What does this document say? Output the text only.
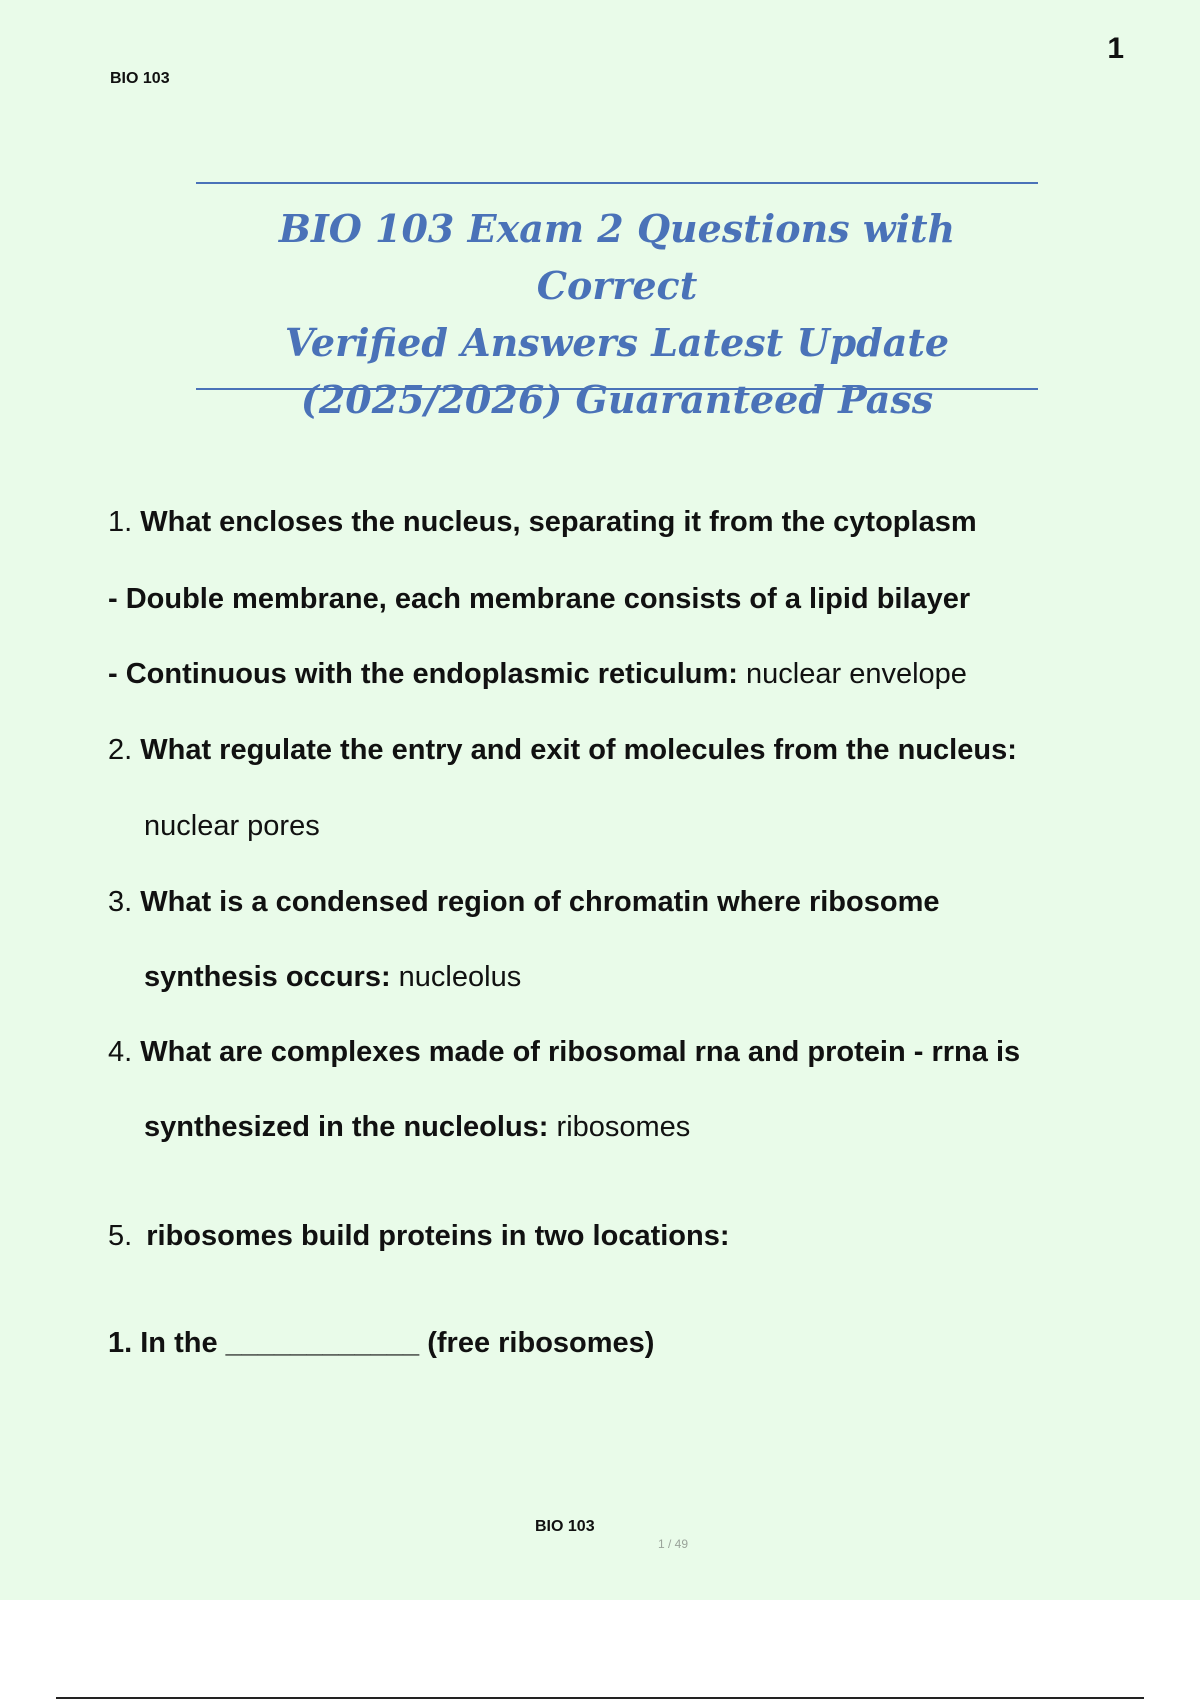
BIO 103
1
BIO 103 Exam 2 Questions with Correct
Verified Answers Latest Update
(2025/2026) Guaranteed Pass
1. What encloses the nucleus, separating it from the cytoplasm
- Double membrane, each membrane consists of a lipid bilayer
- Continuous with the endoplasmic reticulum: nuclear envelope
2. What regulate the entry and exit of molecules from the nucleus:
nuclear pores
3. What is a condensed region of chromatin where ribosome
synthesis occurs: nucleolus
4. What are complexes made of ribosomal rna and protein - rrna is
synthesized in the nucleolus: ribosomes
5. ribosomes build proteins in two locations:
1. In the ____________ (free ribosomes)
BIO 103
1 / 49
